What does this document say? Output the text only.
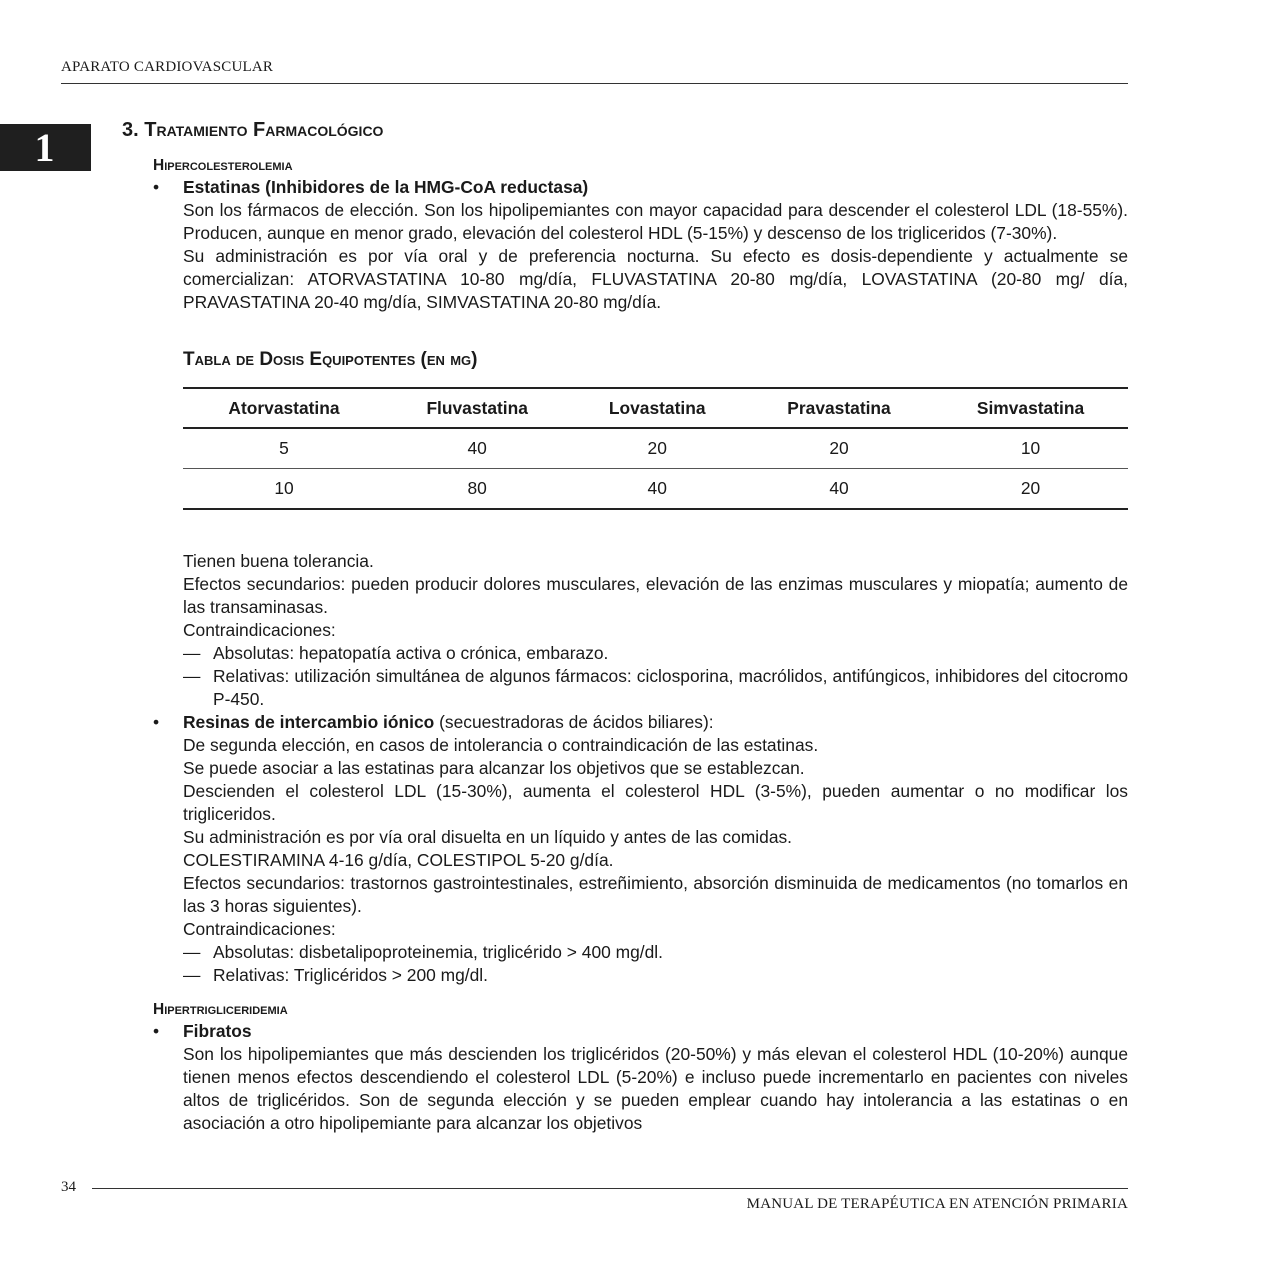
APARATO CARDIOVASCULAR
1	3. Tratamiento Farmacológico
Hipercolesterolemia
• Estatinas (Inhibidores de la HMG-CoA reductasa)

Son los fármacos de elección. Son los hipolipemiantes con mayor capacidad para descender el colesterol LDL (18-55%). Producen, aunque en menor grado, elevación del colesterol HDL (5-15%) y descenso de los trigliceridos (7-30%).

Su administración es por vía oral y de preferencia nocturna. Su efecto es dosis-dependiente y actualmente se comercializan: ATORVASTATINA 10-80 mg/día, FLUVASTATINA 20-80 mg/día, LOVASTATINA (20-80 mg/ día, PRAVASTATINA 20-40 mg/día, SIMVASTATINA 20-80 mg/día.

Tabla de Dosis Equipotentes (en mg)
Atorvastatina	Fluvastatina	Lovastatina	Pravastatina	Simvastatina
5	40	20	20	10
10	80	40	40	20

Tienen buena tolerancia.

Efectos secundarios: pueden producir dolores musculares, elevación de las enzimas musculares y miopatía; aumento de las transaminasas.

Contraindicaciones:

— Absolutas: hepatopatía activa o crónica, embarazo.

— Relativas: utilización simultánea de algunos fármacos: ciclosporina, macrólidos, antifúngicos, inhibidores del citocromo P-450.

• Resinas de intercambio iónico (secuestradoras de ácidos biliares):

De segunda elección, en casos de intolerancia o contraindicación de las estatinas.

Se puede asociar a las estatinas para alcanzar los objetivos que se establezcan.

Descienden el colesterol LDL (15-30%), aumenta el colesterol HDL (3-5%), pueden aumentar o no modificar los trigliceridos.

Su administración es por vía oral disuelta en un líquido y antes de las comidas.

COLESTIRAMINA 4-16 g/día, COLESTIPOL 5-20 g/día.

Efectos secundarios: trastornos gastrointestinales, estreñimiento, absorción disminuida de medicamentos (no tomarlos en las 3 horas siguientes).

Contraindicaciones:

— Absolutas: disbetalipoproteinemia, triglicérido > 400 mg/dl.

— Relativas: Triglicéridos > 200 mg/dl.

Hipertrigliceridemia
• Fibratos

Son los hipolipemiantes que más descienden los triglicéridos (20-50%) y más elevan el colesterol HDL (10-20%) aunque tienen menos efectos descendiendo el colesterol LDL (5-20%) e incluso puede incrementarlo en pacientes con niveles altos de triglicéridos. Son de segunda elección y se pueden emplear cuando hay intolerancia a las estatinas o en asociación a otro hipolipemiante para alcanzar los objetivos

34
MANUAL DE TERAPÉUTICA EN ATENCIÓN PRIMARIA
